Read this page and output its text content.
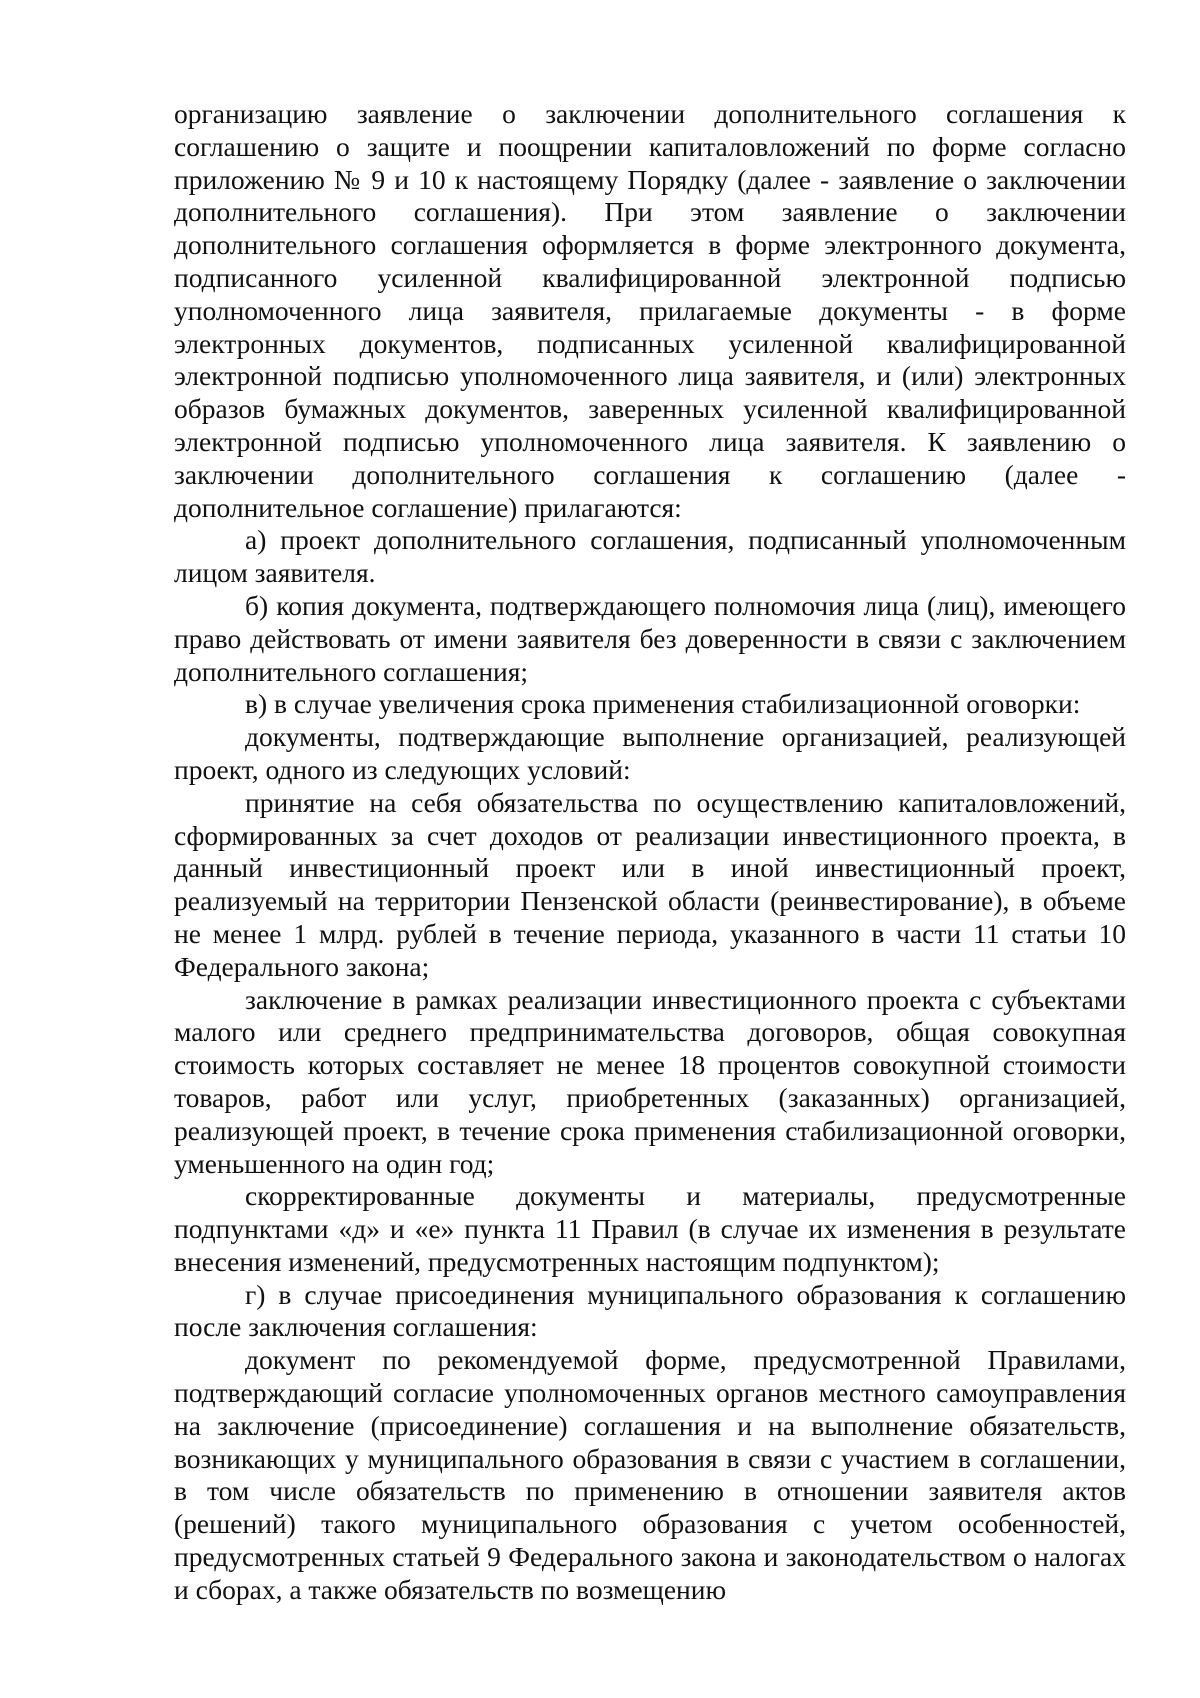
организацию заявление о заключении дополнительного соглашения к соглашению о защите и поощрении капиталовложений по форме согласно приложению № 9 и 10 к настоящему Порядку (далее - заявление о заключении дополнительного соглашения). При этом заявление о заключении дополнительного соглашения оформляется в форме электронного документа, подписанного усиленной квалифицированной электронной подписью уполномоченного лица заявителя, прилагаемые документы - в форме электронных документов, подписанных усиленной квалифицированной электронной подписью уполномоченного лица заявителя, и (или) электронных образов бумажных документов, заверенных усиленной квалифицированной электронной подписью уполномоченного лица заявителя. К заявлению о заключении дополнительного соглашения к соглашению (далее - дополнительное соглашение) прилагаются:

а) проект дополнительного соглашения, подписанный уполномоченным лицом заявителя.

б) копия документа, подтверждающего полномочия лица (лиц), имеющего право действовать от имени заявителя без доверенности в связи с заключением дополнительного соглашения;

в) в случае увеличения срока применения стабилизационной оговорки:

документы, подтверждающие выполнение организацией, реализующей проект, одного из следующих условий:

принятие на себя обязательства по осуществлению капиталовложений, сформированных за счет доходов от реализации инвестиционного проекта, в данный инвестиционный проект или в иной инвестиционный проект, реализуемый на территории Пензенской области (реинвестирование), в объеме не менее 1 млрд. рублей в течение периода, указанного в части 11 статьи 10 Федерального закона;

заключение в рамках реализации инвестиционного проекта с субъектами малого или среднего предпринимательства договоров, общая совокупная стоимость которых составляет не менее 18 процентов совокупной стоимости товаров, работ или услуг, приобретенных (заказанных) организацией, реализующей проект, в течение срока применения стабилизационной оговорки, уменьшенного на один год;

скорректированные документы и материалы, предусмотренные подпунктами «д» и «е» пункта 11 Правил (в случае их изменения в результате внесения изменений, предусмотренных настоящим подпунктом);

г) в случае присоединения муниципального образования к соглашению после заключения соглашения:

документ по рекомендуемой форме, предусмотренной Правилами, подтверждающий согласие уполномоченных органов местного самоуправления на заключение (присоединение) соглашения и на выполнение обязательств, возникающих у муниципального образования в связи с участием в соглашении, в том числе обязательств по применению в отношении заявителя актов (решений) такого муниципального образования с учетом особенностей, предусмотренных статьей 9 Федерального закона и законодательством о налогах и сборах, а также обязательств по возмещению
